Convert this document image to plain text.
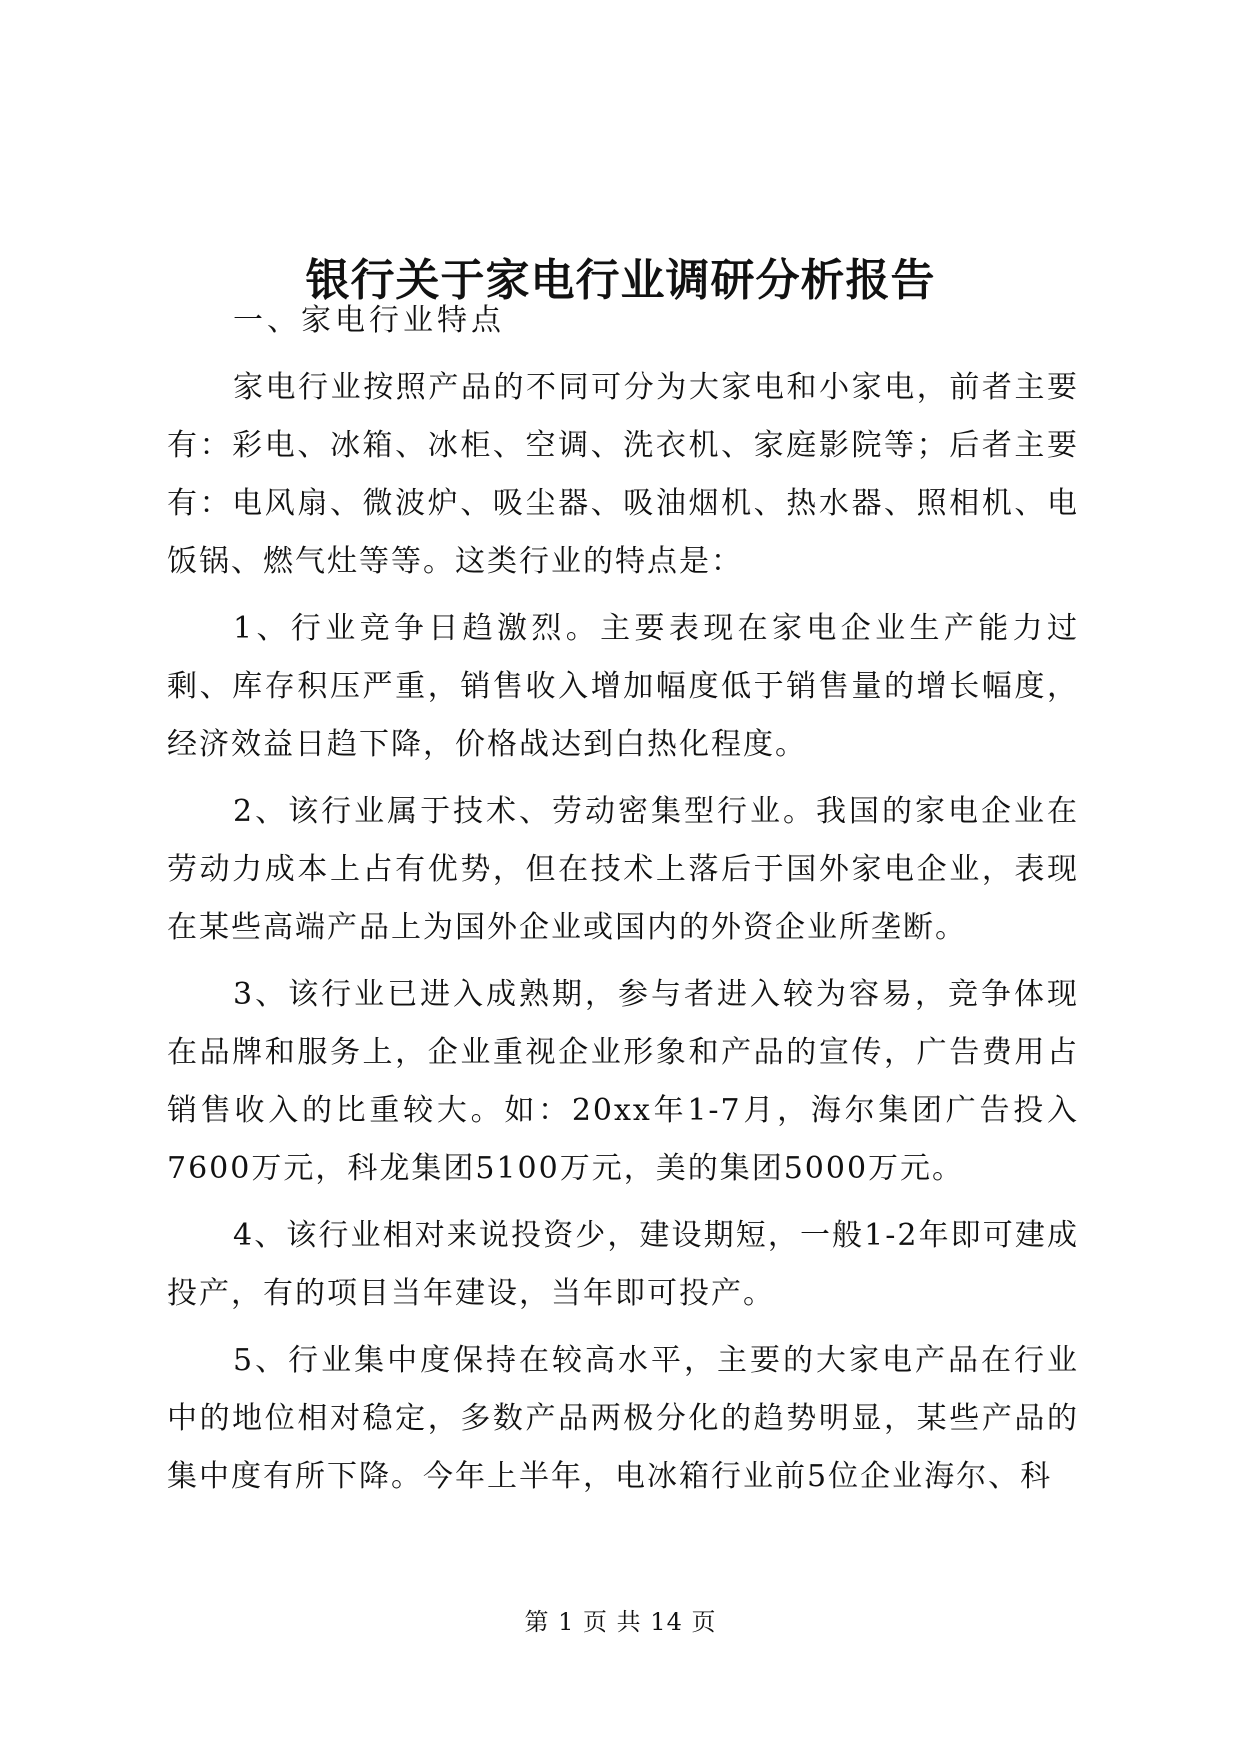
银行关于家电行业调研分析报告

一、家电行业特点

家电行业按照产品的不同可分为大家电和小家电，前者主要有：彩电、冰箱、冰柜、空调、洗衣机、家庭影院等；后者主要有：电风扇、微波炉、吸尘器、吸油烟机、热水器、照相机、电饭锅、燃气灶等等。这类行业的特点是：

1、行业竞争日趋激烈。主要表现在家电企业生产能力过剩、库存积压严重，销售收入增加幅度低于销售量的增长幅度，经济效益日趋下降，价格战达到白热化程度。

2、该行业属于技术、劳动密集型行业。我国的家电企业在劳动力成本上占有优势，但在技术上落后于国外家电企业，表现在某些高端产品上为国外企业或国内的外资企业所垄断。

3、该行业已进入成熟期，参与者进入较为容易，竞争体现在品牌和服务上，企业重视企业形象和产品的宣传，广告费用占销售收入的比重较大。如：20xx年1-7月，海尔集团广告投入7600万元，科龙集团5100万元，美的集团5000万元。

4、该行业相对来说投资少，建设期短，一般1-2年即可建成投产，有的项目当年建设，当年即可投产。

5、行业集中度保持在较高水平，主要的大家电产品在行业中的地位相对稳定，多数产品两极分化的趋势明显，某些产品的集中度有所下降。今年上半年，电冰箱行业前5位企业海尔、科

第 1 页 共 14 页
